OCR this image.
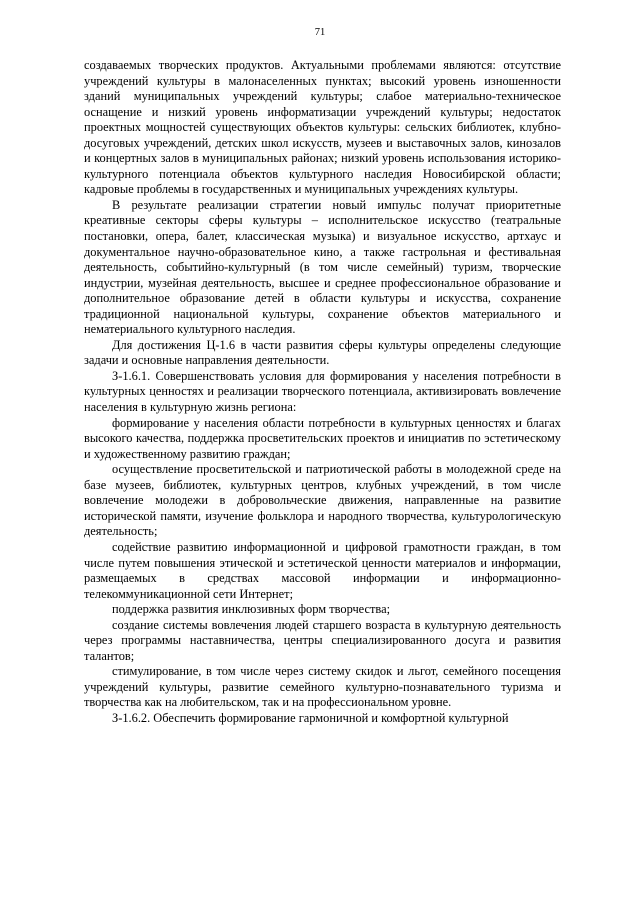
71

создаваемых творческих продуктов. Актуальными проблемами являются: отсутствие учреждений культуры в малонаселенных пунктах; высокий уровень изношенности зданий муниципальных учреждений культуры; слабое материально-техническое оснащение и низкий уровень информатизации учреждений культуры; недостаток проектных мощностей существующих объектов культуры: сельских библиотек, клубно-досуговых учреждений, детских школ искусств, музеев и выставочных залов, кинозалов и концертных залов в муниципальных районах; низкий уровень использования историко-культурного потенциала объектов культурного наследия Новосибирской области; кадровые проблемы в государственных и муниципальных учреждениях культуры.

В результате реализации стратегии новый импульс получат приоритетные креативные секторы сферы культуры – исполнительское искусство (театральные постановки, опера, балет, классическая музыка) и визуальное искусство, артхаус и документальное научно-образовательное кино, а также гастрольная и фестивальная деятельность, событийно-культурный (в том числе семейный) туризм, творческие индустрии, музейная деятельность, высшее и среднее профессиональное образование и дополнительное образование детей в области культуры и искусства, сохранение традиционной национальной культуры, сохранение объектов материального и нематериального культурного наследия.

Для достижения Ц-1.6 в части развития сферы культуры определены следующие задачи и основные направления деятельности.

З-1.6.1. Совершенствовать условия для формирования у населения потребности в культурных ценностях и реализации творческого потенциала, активизировать вовлечение населения в культурную жизнь региона:

формирование у населения области потребности в культурных ценностях и благах высокого качества, поддержка просветительских проектов и инициатив по эстетическому и художественному развитию граждан;

осуществление просветительской и патриотической работы в молодежной среде на базе музеев, библиотек, культурных центров, клубных учреждений, в том числе вовлечение молодежи в добровольческие движения, направленные на развитие исторической памяти, изучение фольклора и народного творчества, культурологическую деятельность;

содействие развитию информационной и цифровой грамотности граждан, в том числе путем повышения этической и эстетической ценности материалов и информации, размещаемых в средствах массовой информации и информационно-телекоммуникационной сети Интернет;

поддержка развития инклюзивных форм творчества;

создание системы вовлечения людей старшего возраста в культурную деятельность через программы наставничества, центры специализированного досуга и развития талантов;

стимулирование, в том числе через систему скидок и льгот, семейного посещения учреждений культуры, развитие семейного культурно-познавательного туризма и творчества как на любительском, так и на профессиональном уровне.

З-1.6.2. Обеспечить формирование гармоничной и комфортной культурной
